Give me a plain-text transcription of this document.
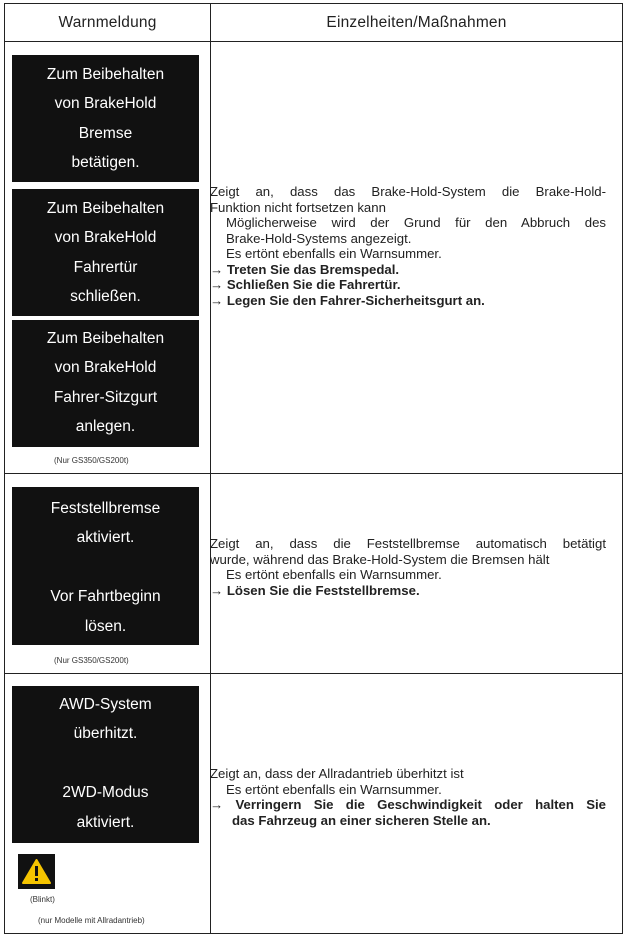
Warnmeldung	Einzelheiten/Maßnahmen
Zum Beibehalten
von BrakeHold
Bremse
betätigen.
Zum Beibehalten
von BrakeHold
Fahrertür
schließen.
Zum Beibehalten
von BrakeHold
Fahrer-Sitzgurt
anlegen.
(Nur GS350/GS200t)

Zeigt an, dass das Brake-Hold-System die Brake-Hold-

Funktion nicht fortsetzen kann

Möglicherweise wird der Grund für den Abbruch des

Brake-Hold-Systems angezeigt.

Es ertönt ebenfalls ein Warnsummer.

→ Treten Sie das Bremspedal.

→ Schließen Sie die Fahrertür.

→ Legen Sie den Fahrer-Sicherheitsgurt an.

Feststellbremse
aktiviert.
Vor Fahrtbeginn
lösen.
(Nur GS350/GS200t)

Zeigt an, dass die Feststellbremse automatisch betätigt

wurde, während das Brake-Hold-System die Bremsen hält

Es ertönt ebenfalls ein Warnsummer.

→ Lösen Sie die Feststellbremse.

AWD-System
überhitzt.
2WD-Modus
aktiviert.
(Blinkt)
(nur Modelle mit Allradantrieb)

Zeigt an, dass der Allradantrieb überhitzt ist

Es ertönt ebenfalls ein Warnsummer.

→ Verringern Sie die Geschwindigkeit oder halten Sie

das Fahrzeug an einer sicheren Stelle an.
